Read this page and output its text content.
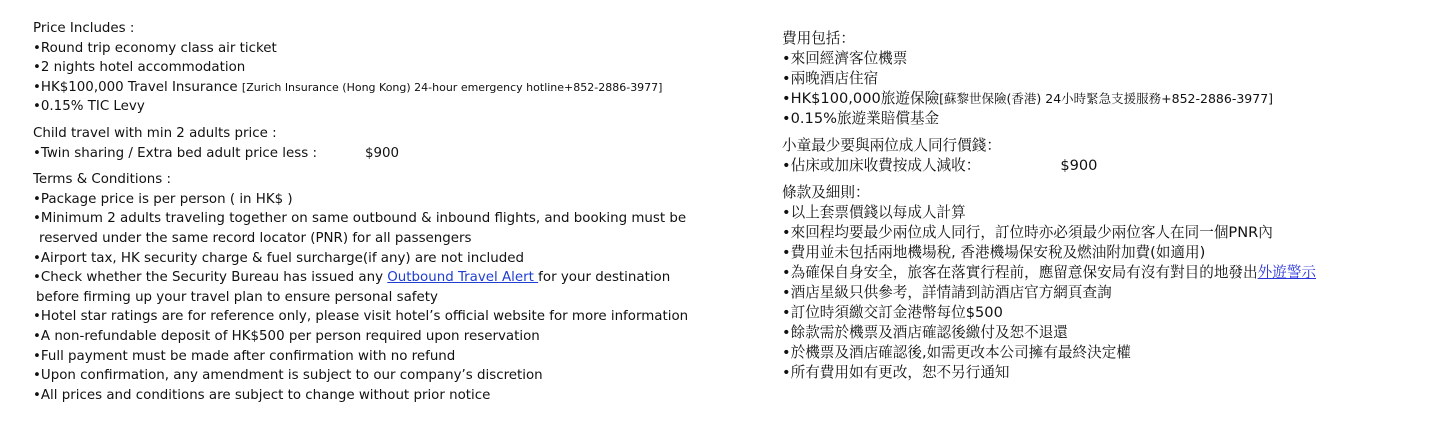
Price Includes :
•Round trip economy class air ticket
•2 nights hotel accommodation
•HK$100,000 Travel Insurance [Zurich Insurance (Hong Kong) 24-hour emergency hotline+852-2886-3977]
•0.15% TIC Levy
Child travel with min 2 adults price :
•Twin sharing / Extra bed adult price less :	$900
Terms & Conditions :
•Package price is per person ( in HK$ )
•Minimum 2 adults traveling together on same outbound & inbound flights, and booking must be
reserved under the same record locator (PNR) for all passengers
•Airport tax, HK security charge & fuel surcharge(if any) are not included
•Check whether the Security Bureau has issued any Outbound Travel Alert for your destination
before firming up your travel plan to ensure personal safety
•Hotel star ratings are for reference only, please visit hotel’s official website for more information
•A non-refundable deposit of HK$500 per person required upon reservation
•Full payment must be made after confirmation with no refund
•Upon confirmation, any amendment is subject to our company’s discretion
•All prices and conditions are subject to change without prior notice
費用包括：
•來回經濟客位機票
•兩晚酒店住宿
•HK$100,000旅遊保險[蘇黎世保險(香港) 24小時緊急支援服務+852-2886-3977]
•0.15%旅遊業賠償基金
小童最少要與兩位成人同行價錢：
•佔床或加床收費按成人減收：	$900
條款及細則：
•以上套票價錢以每成人計算
•來回程均要最少兩位成人同行，訂位時亦必須最少兩位客人在同一個PNR內
•費用並未包括兩地機場稅, 香港機場保安稅及燃油附加費(如適用)
•為確保自身安全，旅客在落實行程前，應留意保安局有沒有對目的地發出外遊警示
•酒店星級只供參考，詳情請到訪酒店官方網頁查詢
•訂位時須繳交訂金港幣每位$500
•餘款需於機票及酒店確認後繳付及恕不退還
•於機票及酒店確認後,如需更改本公司擁有最終決定權
•所有費用如有更改，恕不另行通知
